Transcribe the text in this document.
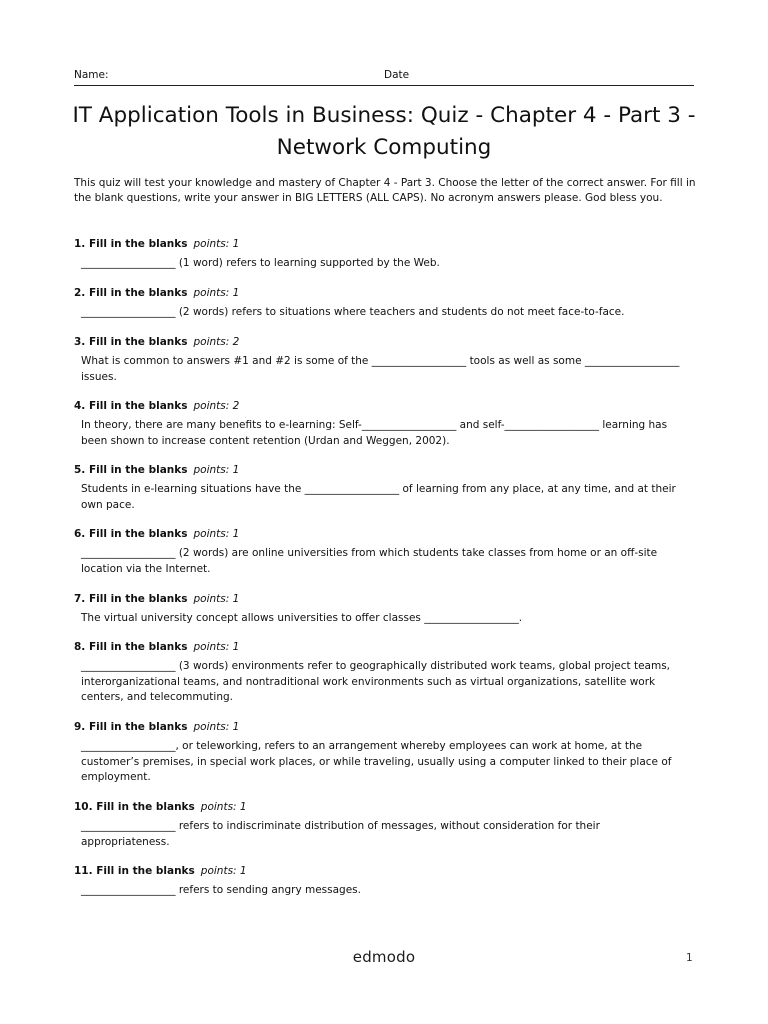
Name:	Date
IT Application Tools in Business: Quiz - Chapter 4 - Part 3 - Network Computing

This quiz will test your knowledge and mastery of Chapter 4 - Part 3. Choose the letter of the correct answer. For fill in the blank questions, write your answer in BIG LETTERS (ALL CAPS). No acronym answers please. God bless you.

1. Fill in the blanks points: 1
__________________ (1 word) refers to learning supported by the Web.
2. Fill in the blanks points: 1
__________________ (2 words) refers to situations where teachers and students do not meet face-to-face.
3. Fill in the blanks points: 2
What is common to answers #1 and #2 is some of the __________________ tools as well as some __________________ issues.
4. Fill in the blanks points: 2
In theory, there are many benefits to e-learning: Self-__________________ and self-__________________ learning has been shown to increase content retention (Urdan and Weggen, 2002).
5. Fill in the blanks points: 1
Students in e-learning situations have the __________________ of learning from any place, at any time, and at their own pace.
6. Fill in the blanks points: 1
__________________ (2 words) are online universities from which students take classes from home or an off-site location via the Internet.
7. Fill in the blanks points: 1
The virtual university concept allows universities to offer classes __________________.
8. Fill in the blanks points: 1
__________________ (3 words) environments refer to geographically distributed work teams, global project teams, interorganizational teams, and nontraditional work environments such as virtual organizations, satellite work centers, and telecommuting.
9. Fill in the blanks points: 1
__________________, or teleworking, refers to an arrangement whereby employees can work at home, at the customer’s premises, in special work places, or while traveling, usually using a computer linked to their place of employment.
10. Fill in the blanks points: 1
__________________ refers to indiscriminate distribution of messages, without consideration for their appropriateness.
11. Fill in the blanks points: 1
__________________ refers to sending angry messages.
edmodo	1
